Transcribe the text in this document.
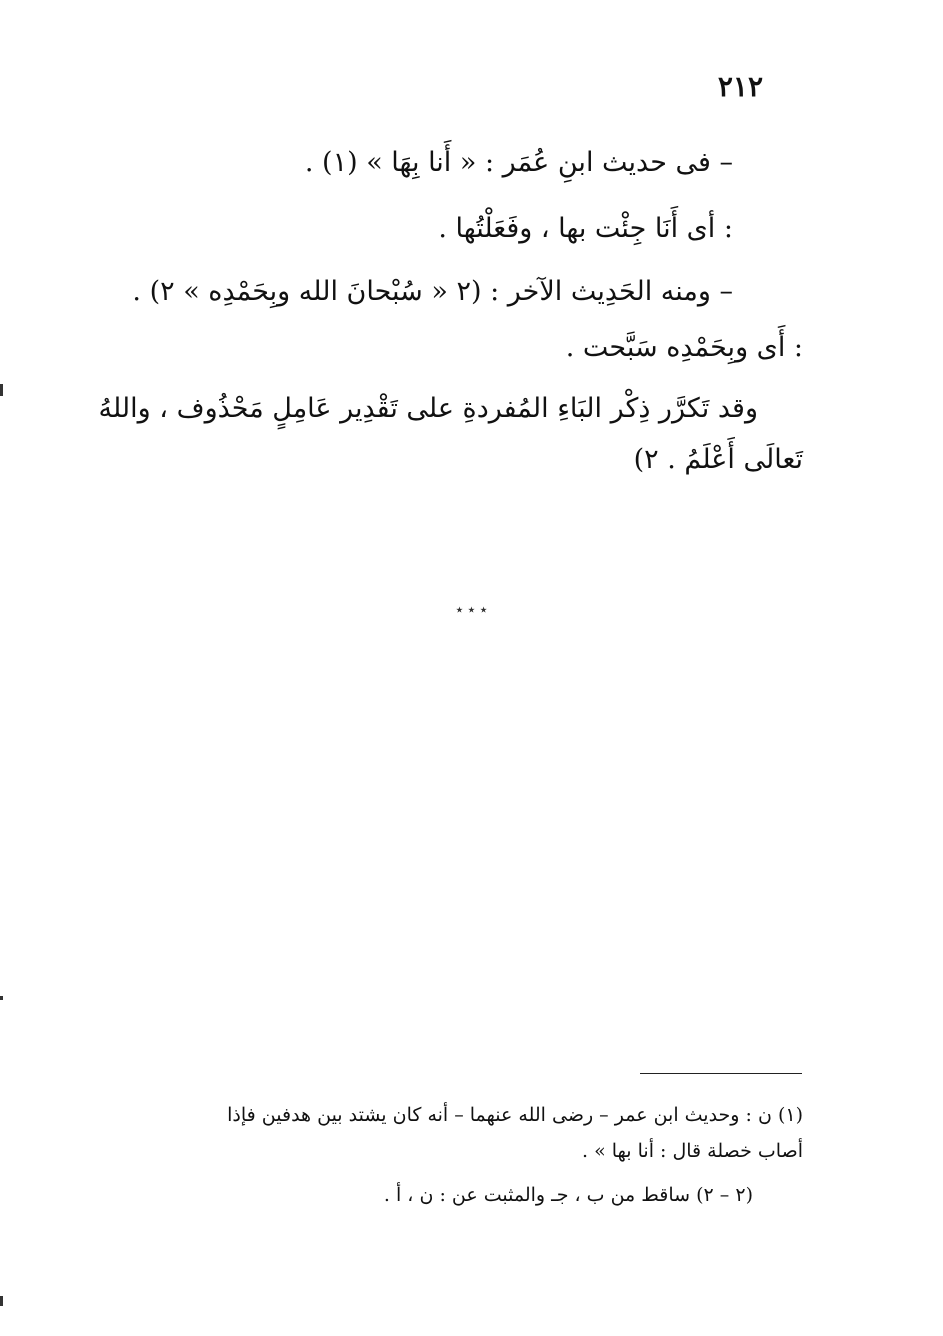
٢١٢
– فى حديث ابنِ عُمَر : « أَنا بِهَا » (١) .
: أى أَنَا جِئْت بها ، وفَعَلْتُها .
– ومنه الحَدِيث الآخر : (٢ « سُبْحانَ الله وبِحَمْدِه » ٢) .
: أَى وبِحَمْدِه سَبَّحت .
وقد تَكرَّر ذِكْر البَاءِ المُفردةِ على تَقْدِير عَامِلٍ مَحْذُوف ، واللهُ
تَعالَى أَعْلَمُ . ٢)
٭ ٭ ٭
(١) ن : وحديث ابن عمر – رضى الله عنهما – أنه كان يشتد بين هدفين فإذا
أصاب خصلة قال : أنا بها » .
(٢ – ٢) ساقط من ب ، جـ والمثبت عن : ن ، أ .
